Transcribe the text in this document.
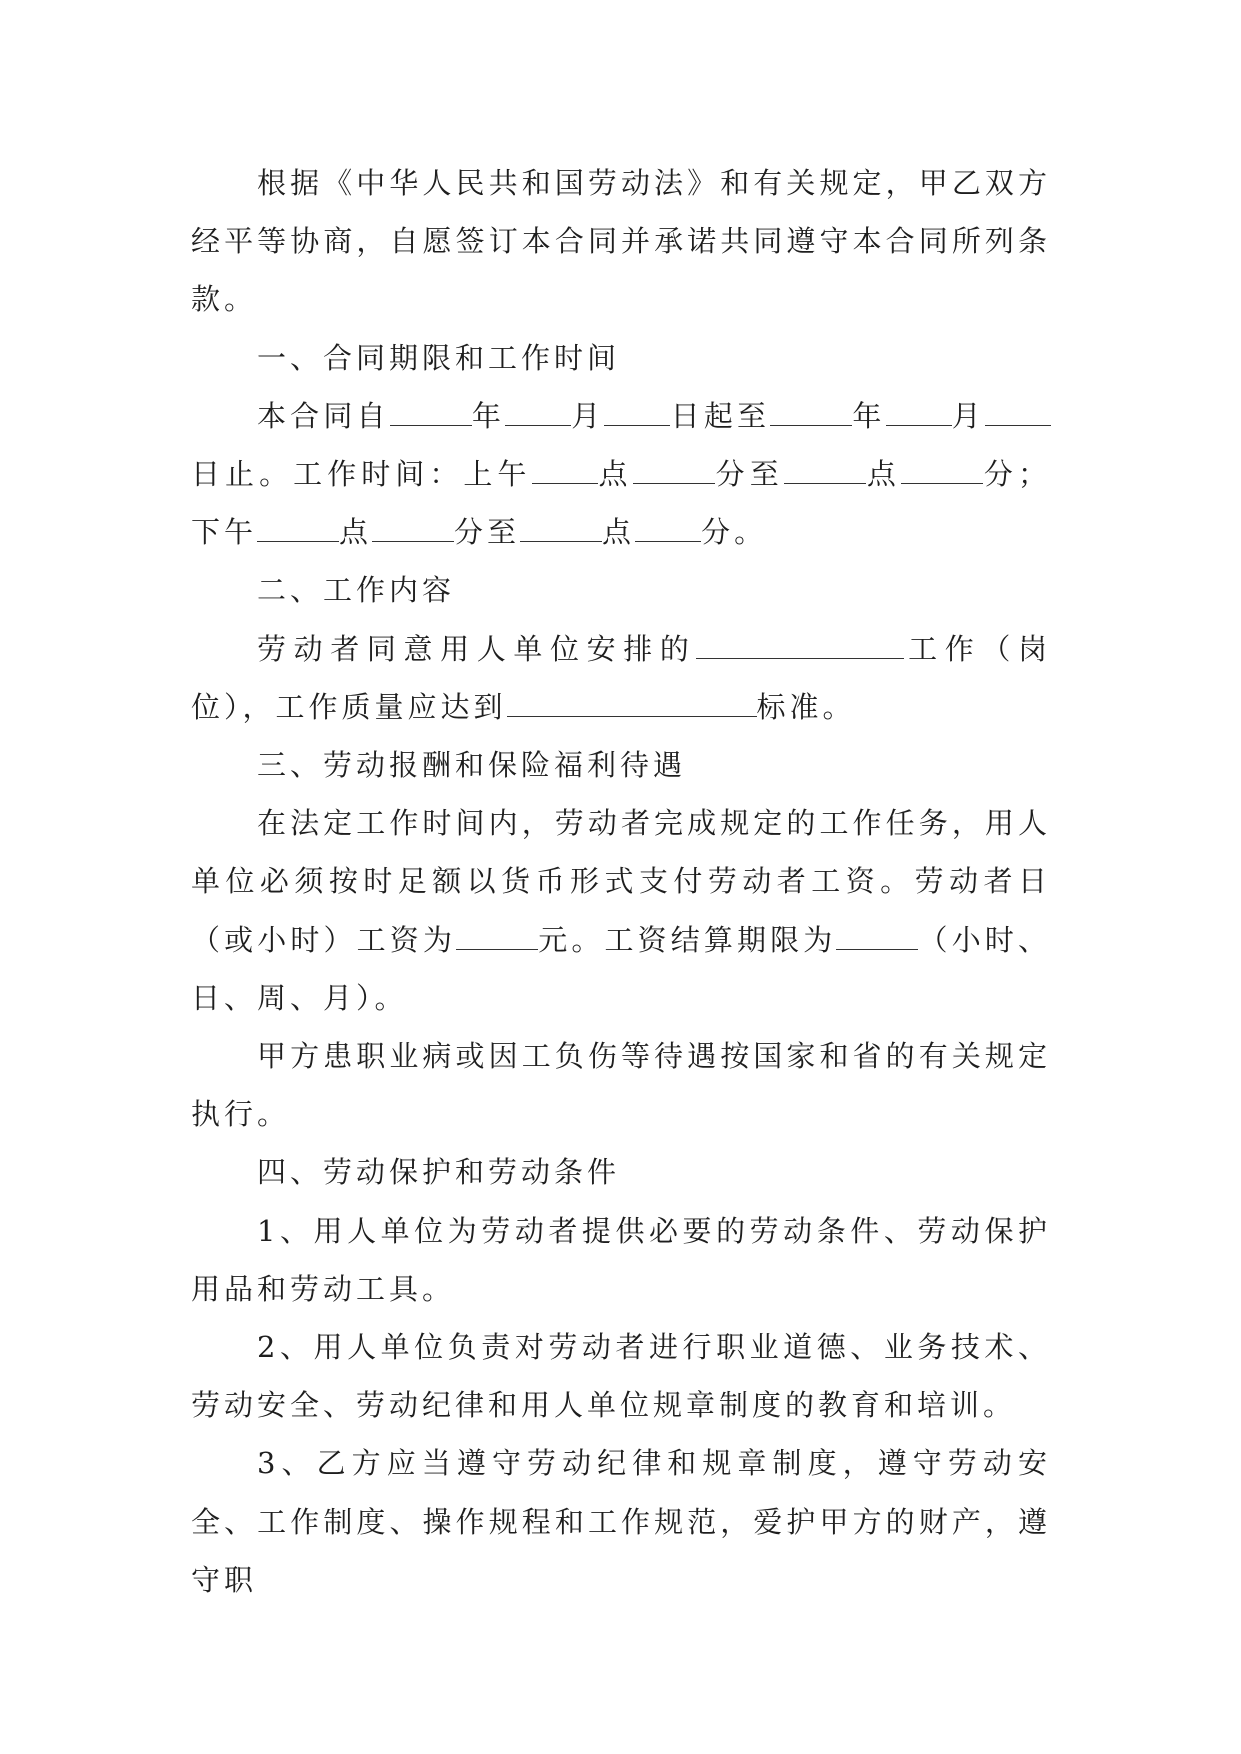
根据《中华人民共和国劳动法》和有关规定，甲乙双方经平等协商，自愿签订本合同并承诺共同遵守本合同所列条款。

一、合同期限和工作时间

本合同自	年 月 日起至	年 月日止。工作时间：上午 点	分至	点	分；下午	点	分至	点 分。

二、工作内容

劳动者同意用人单位安排的	工作（岗位），工作质量应达到	标准。

三、劳动报酬和保险福利待遇

在法定工作时间内，劳动者完成规定的工作任务，用人单位必须按时足额以货币形式支付劳动者工资。劳动者日（或小时）工资为	元。工资结算期限为	（小时、日、周、月）。

甲方患职业病或因工负伤等待遇按国家和省的有关规定执行。

四、劳动保护和劳动条件

1、用人单位为劳动者提供必要的劳动条件、劳动保护用品和劳动工具。

2、用人单位负责对劳动者进行职业道德、业务技术、劳动安全、劳动纪律和用人单位规章制度的教育和培训。

3、乙方应当遵守劳动纪律和规章制度，遵守劳动安全、工作制度、操作规程和工作规范，爱护甲方的财产，遵守职
